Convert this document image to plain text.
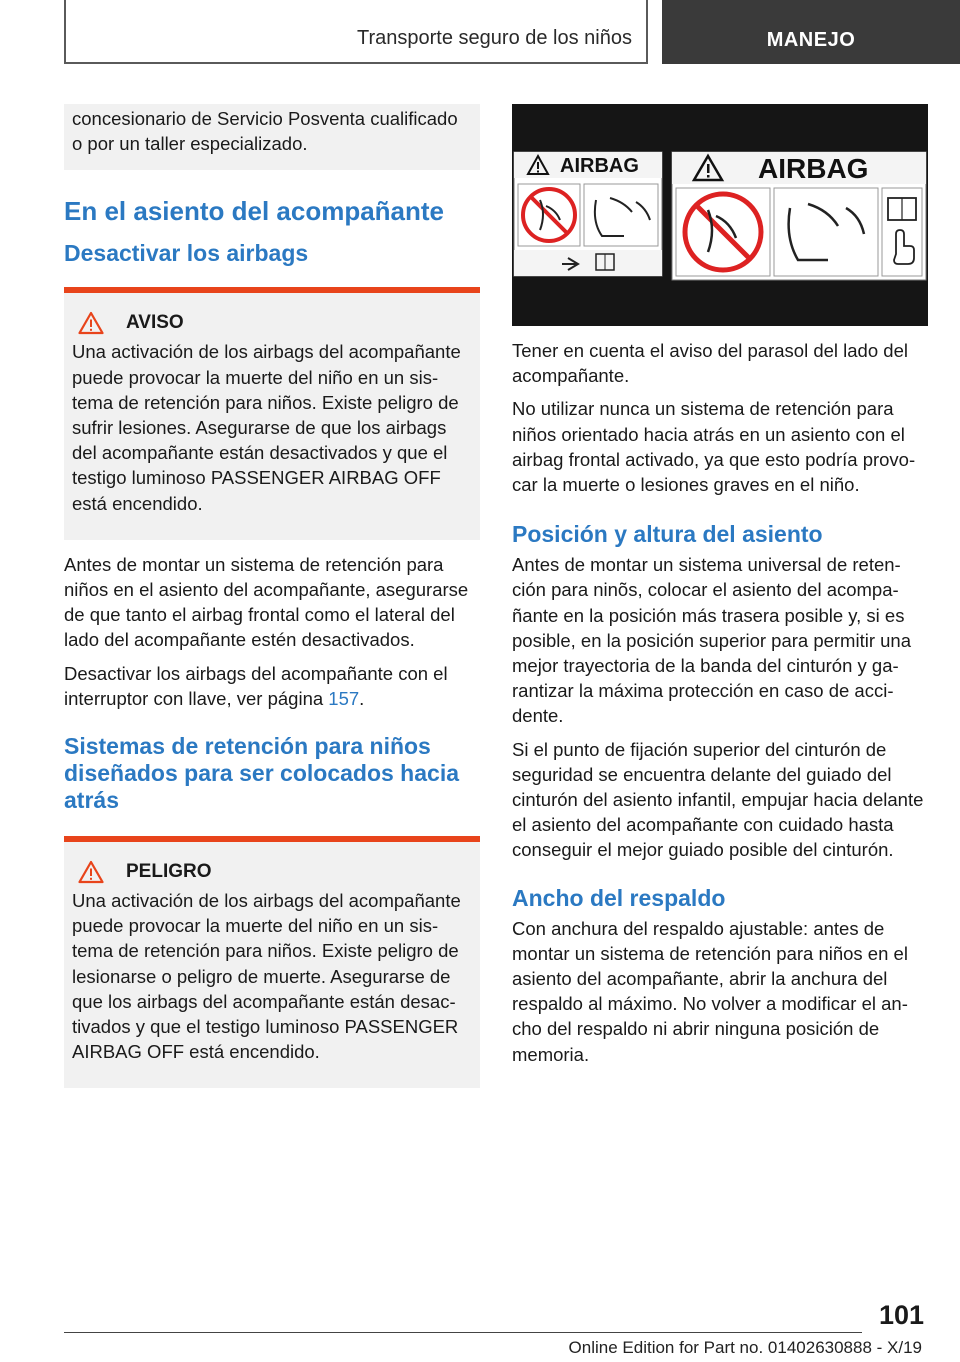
Transporte seguro de los niños	MANEJO

concesionario de Servicio Posventa cualificado o por un taller especializado.

En el asiento del acompañante
Desactivar los airbags
AVISO

Una activación de los airbags del acompañante puede provocar la muerte del niño en un sistema de retención para niños. Existe peligro de sufrir lesiones. Asegurarse de que los airbags del acompañante están desactivados y que el testigo luminoso PASSENGER AIRBAG OFF está encendido.

Antes de montar un sistema de retención para niños en el asiento del acompañante, asegurarse de que tanto el airbag frontal como el lateral del lado del acompañante estén desactivados.

Desactivar los airbags del acompañante con el interruptor con llave, ver página 157.

Sistemas de retención para niños diseñados para ser colocados hacia atrás
PELIGRO

Una activación de los airbags del acompañante puede provocar la muerte del niño en un sistema de retención para niños. Existe peligro de lesionarse o peligro de muerte. Asegurarse de que los airbags del acompañante están desactivados y que el testigo luminoso PASSENGER AIRBAG OFF está encendido.

AIRBAG	AIRBAG

Tener en cuenta el aviso del parasol del lado del acompañante.

No utilizar nunca un sistema de retención para niños orientado hacia atrás en un asiento con el airbag frontal activado, ya que esto podría provocar la muerte o lesiones graves en el niño.

Posición y altura del asiento

Antes de montar un sistema universal de retención para ninõs, colocar el asiento del acompañante en la posición más trasera posible y, si es posible, en la posición superior para permitir una mejor trayectoria de la banda del cinturón y garantizar la máxima protección en caso de accidente.

Si el punto de fijación superior del cinturón de seguridad se encuentra delante del guiado del cinturón del asiento infantil, empujar hacia delante el asiento del acompañante con cuidado hasta conseguir el mejor guiado posible del cinturón.

Ancho del respaldo

Con anchura del respaldo ajustable: antes de montar un sistema de retención para niños en el asiento del acompañante, abrir la anchura del respaldo al máximo. No volver a modificar el ancho del respaldo ni abrir ninguna posición de memoria.

101
Online Edition for Part no. 01402630888 - X/19
